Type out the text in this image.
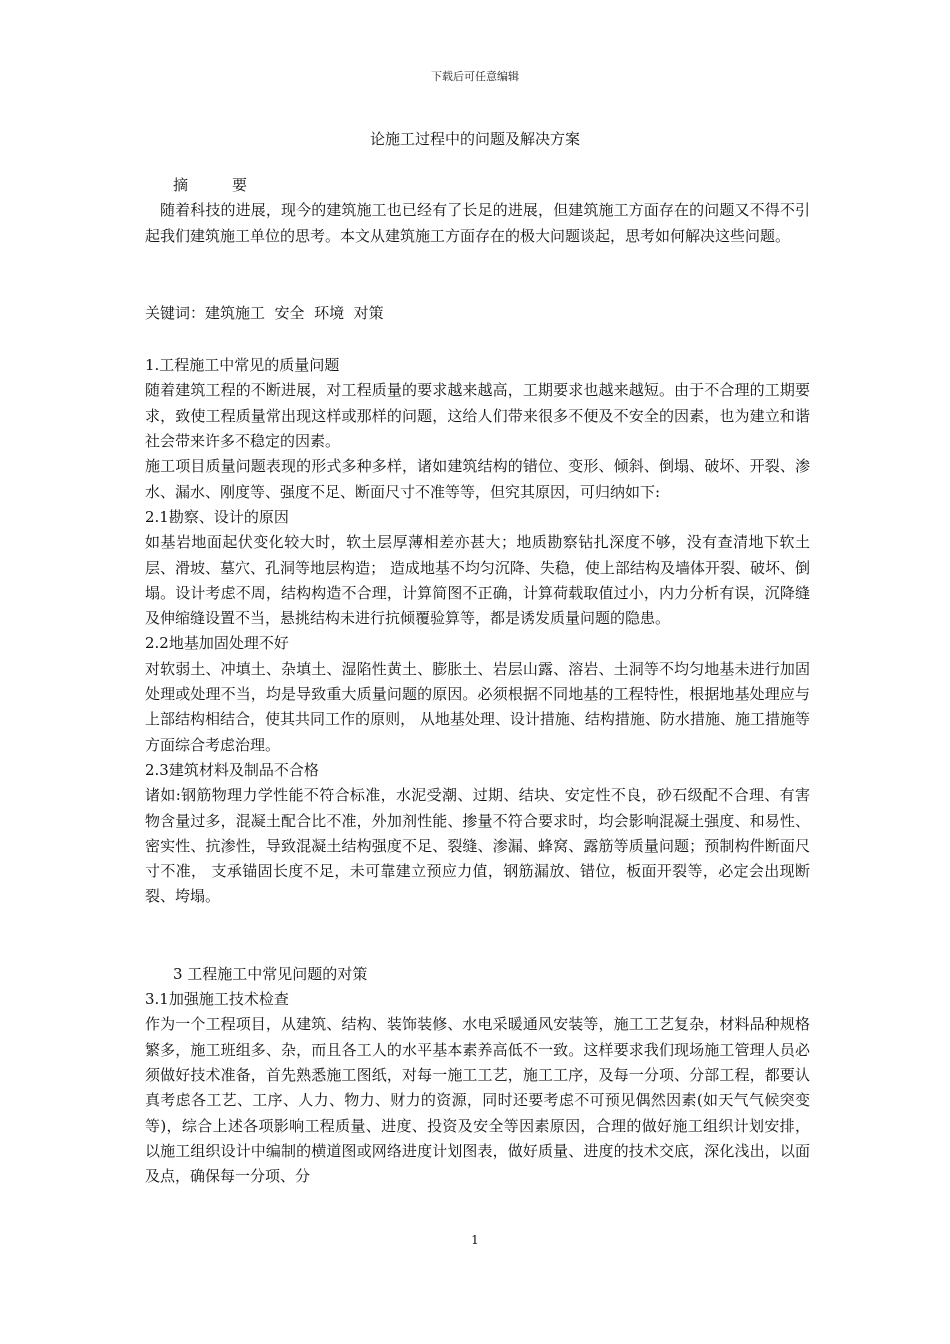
下载后可任意编辑
论施工过程中的问题及解决方案

摘	要

随着科技的进展，现今的建筑施工也已经有了长足的进展，但建筑施工方面存在的问题又不得不引起我们建筑施工单位的思考。本文从建筑施工方面存在的极大问题谈起，思考如何解决这些问题。

关键词：建筑施工  安全  环境  对策

1.工程施工中常见的质量问题

随着建筑工程的不断进展，对工程质量的要求越来越高，工期要求也越来越短。由于不合理的工期要求，致使工程质量常出现这样或那样的问题，这给人们带来很多不便及不安全的因素，也为建立和谐社会带来许多不稳定的因素。

施工项目质量问题表现的形式多种多样，诸如建筑结构的错位、变形、倾斜、倒塌、破坏、开裂、渗水、漏水、刚度等、强度不足、断面尺寸不准等等，但究其原因，可归纳如下:

2.1勘察、设计的原因

如基岩地面起伏变化较大时，软土层厚薄相差亦甚大；地质勘察钻扎深度不够，没有查清地下软土层、滑坡、墓穴、孔洞等地层构造； 造成地基不均匀沉降、失稳，使上部结构及墙体开裂、破坏、倒塌。设计考虑不周，结构构造不合理，计算简图不正确，计算荷载取值过小，内力分析有误，沉降缝及伸缩缝设置不当，悬挑结构未进行抗倾覆验算等，都是诱发质量问题的隐患。

2.2地基加固处理不好

对软弱土、冲填土、杂填土、湿陷性黄土、膨胀土、岩层山露、溶岩、土洞等不均匀地基未进行加固处理或处理不当，均是导致重大质量问题的原因。必须根据不同地基的工程特性，根据地基处理应与上部结构相结合，使其共同工作的原则， 从地基处理、设计措施、结构措施、防水措施、施工措施等方面综合考虑治理。

2.3建筑材料及制品不合格

诸如:钢筋物理力学性能不符合标准，水泥受潮、过期、结块、安定性不良，砂石级配不合理、有害物含量过多，混凝土配合比不准，外加剂性能、掺量不符合要求时，均会影响混凝土强度、和易性、密实性、抗渗性，导致混凝土结构强度不足、裂缝、渗漏、蜂窝、露筋等质量问题；预制构件断面尺寸不准， 支承锚固长度不足，未可靠建立预应力值，钢筋漏放、错位，板面开裂等，必定会出现断裂、垮塌。

3 工程施工中常见问题的对策

3.1加强施工技术检查

作为一个工程项目，从建筑、结构、装饰装修、水电采暖通风安装等，施工工艺复杂，材料品种规格繁多，施工班组多、杂，而且各工人的水平基本素养高低不一致。这样要求我们现场施工管理人员必须做好技术准备，首先熟悉施工图纸，对每一施工工艺，施工工序，及每一分项、分部工程，都要认真考虑各工艺、工序、人力、物力、财力的资源，同时还要考虑不可预见偶然因素(如天气气候突变等)，综合上述各项影响工程质量、进度、投资及安全等因素原因，合理的做好施工组织计划安排，以施工组织设计中编制的横道图或网络进度计划图表，做好质量、进度的技术交底，深化浅出，以面及点，确保每一分项、分

1
